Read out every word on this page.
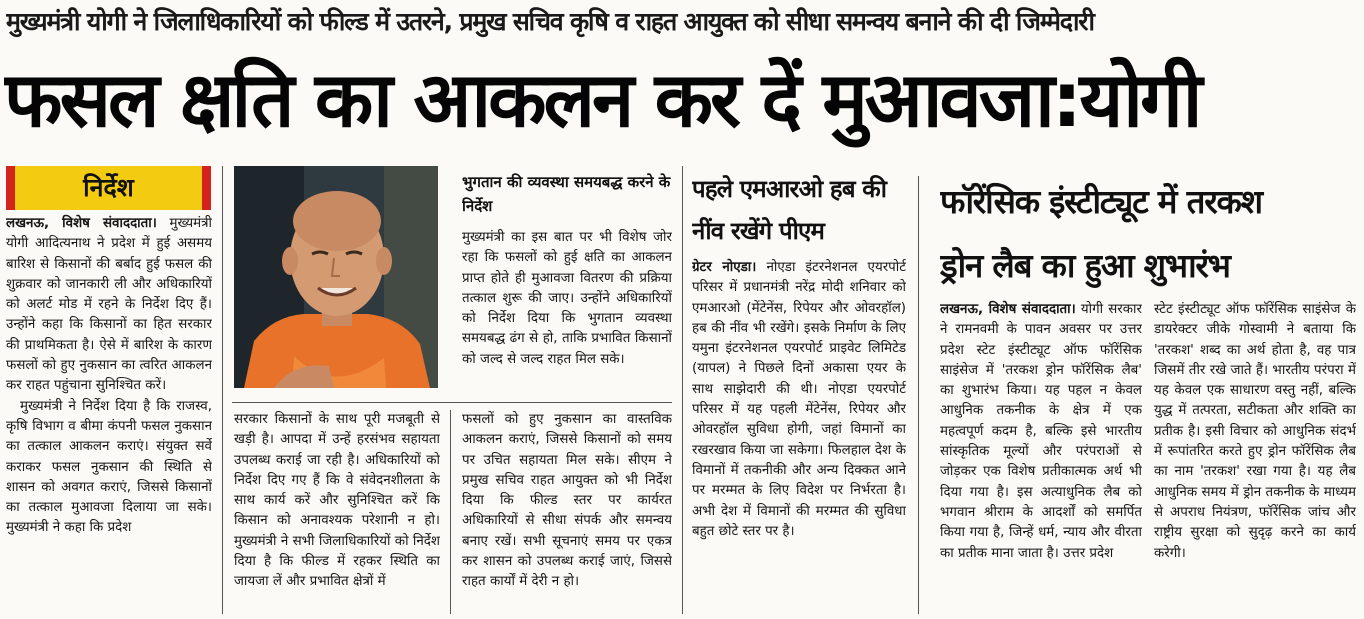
मुख्यमंत्री योगी ने जिलाधिकारियों को फील्ड में उतरने, प्रमुख सचिव कृषि व राहत आयुक्त को सीधा समन्वय बनाने की दी जिम्मेदारी
फसल क्षति का आकलन कर दें मुआवजा:योगी
निर्देश

लखनऊ, विशेष संवाददाता। मुख्यमंत्री योगी आदित्यनाथ ने प्रदेश में हुई असमय बारिश से किसानों की बर्बाद हुई फसल की शुक्रवार को जानकारी ली और अधिकारियों को अलर्ट मोड में रहने के निर्देश दिए हैं। उन्होंने कहा कि किसानों का हित सरकार की प्राथमिकता है। ऐसे में बारिश के कारण फसलों को हुए नुकसान का त्वरित आकलन कर राहत पहुंचाना सुनिश्चित करें।

मुख्यमंत्री ने निर्देश दिया है कि राजस्व, कृषि विभाग व बीमा कंपनी फसल नुकसान का तत्काल आकलन कराएं। संयुक्त सर्वे कराकर फसल नुकसान की स्थिति से शासन को अवगत कराएं, जिससे किसानों का तत्काल मुआवजा दिलाया जा सके। मुख्यमंत्री ने कहा कि प्रदेश

सरकार किसानों के साथ पूरी मजबूती से खड़ी है। आपदा में उन्हें हरसंभव सहायता उपलब्ध कराई जा रही है। अधिकारियों को निर्देश दिए गए हैं कि वे संवेदनशीलता के साथ कार्य करें और सुनिश्चित करें कि किसान को अनावश्यक परेशानी न हो। मुख्यमंत्री ने सभी जिलाधिकारियों को निर्देश दिया है कि फील्ड में रहकर स्थिति का जायजा लें और प्रभावित क्षेत्रों में

भुगतान की व्यवस्था समयबद्ध करने के निर्देश

मुख्यमंत्री का इस बात पर भी विशेष जोर रहा कि फसलों को हुई क्षति का आकलन प्राप्त होते ही मुआवजा वितरण की प्रक्रिया तत्काल शुरू की जाए। उन्होंने अधिकारियों को निर्देश दिया कि भुगतान व्यवस्था समयबद्ध ढंग से हो, ताकि प्रभावित किसानों को जल्द से जल्द राहत मिल सके।

फसलों को हुए नुकसान का वास्तविक आकलन कराएं, जिससे किसानों को समय पर उचित सहायता मिल सके। सीएम ने प्रमुख सचिव राहत आयुक्त को भी निर्देश दिया कि फील्ड स्तर पर कार्यरत अधिकारियों से सीधा संपर्क और समन्वय बनाए रखें। सभी सूचनाएं समय पर एकत्र कर शासन को उपलब्ध कराई जाएं, जिससे राहत कार्यों में देरी न हो।

पहले एमआरओ हब की नींव रखेंगे पीएम

ग्रेटर नोएडा। नोएडा इंटरनेशनल एयरपोर्ट परिसर में प्रधानमंत्री नरेंद्र मोदी शनिवार को एमआरओ (मेंटेनेंस, रिपेयर और ओवरहॉल) हब की नींव भी रखेंगे। इसके निर्माण के लिए यमुना इंटरनेशनल एयरपोर्ट प्राइवेट लिमिटेड (यापल) ने पिछले दिनों अकासा एयर के साथ साझेदारी की थी। नोएडा एयरपोर्ट परिसर में यह पहली मेंटेनेंस, रिपेयर और ओवरहॉल सुविधा होगी, जहां विमानों का रखरखाव किया जा सकेगा। फिलहाल देश के विमानों में तकनीकी और अन्य दिक्कत आने पर मरम्मत के लिए विदेश पर निर्भरता है। अभी देश में विमानों की मरम्मत की सुविधा बहुत छोटे स्तर पर है।

फॉरेंसिक इंस्टीट्यूट में तरकश
ड्रोन लैब का हुआ शुभारंभ

लखनऊ, विशेष संवाददाता। योगी सरकार ने रामनवमी के पावन अवसर पर उत्तर प्रदेश स्टेट इंस्टीट्यूट ऑफ फॉरेंसिक साइंसेज में 'तरकश ड्रोन फॉरेंसिक लैब' का शुभारंभ किया। यह पहल न केवल आधुनिक तकनीक के क्षेत्र में एक महत्वपूर्ण कदम है, बल्कि इसे भारतीय सांस्कृतिक मूल्यों और परंपराओं से जोड़कर एक विशेष प्रतीकात्मक अर्थ भी दिया गया है। इस अत्याधुनिक लैब को भगवान श्रीराम के आदर्शों को समर्पित किया गया है, जिन्हें धर्म, न्याय और वीरता का प्रतीक माना जाता है। उत्तर प्रदेश

स्टेट इंस्टीट्यूट ऑफ फॉरेंसिक साइंसेज के डायरेक्टर जीके गोस्वामी ने बताया कि 'तरकश' शब्द का अर्थ होता है, वह पात्र जिसमें तीर रखे जाते हैं। भारतीय परंपरा में यह केवल एक साधारण वस्तु नहीं, बल्कि युद्ध में तत्परता, सटीकता और शक्ति का प्रतीक है। इसी विचार को आधुनिक संदर्भ में रूपांतरित करते हुए ड्रोन फॉरेंसिक लैब का नाम 'तरकश' रखा गया है। यह लैब आधुनिक समय में ड्रोन तकनीक के माध्यम से अपराध नियंत्रण, फॉरेंसिक जांच और राष्ट्रीय सुरक्षा को सुदृढ़ करने का कार्य करेगी।
